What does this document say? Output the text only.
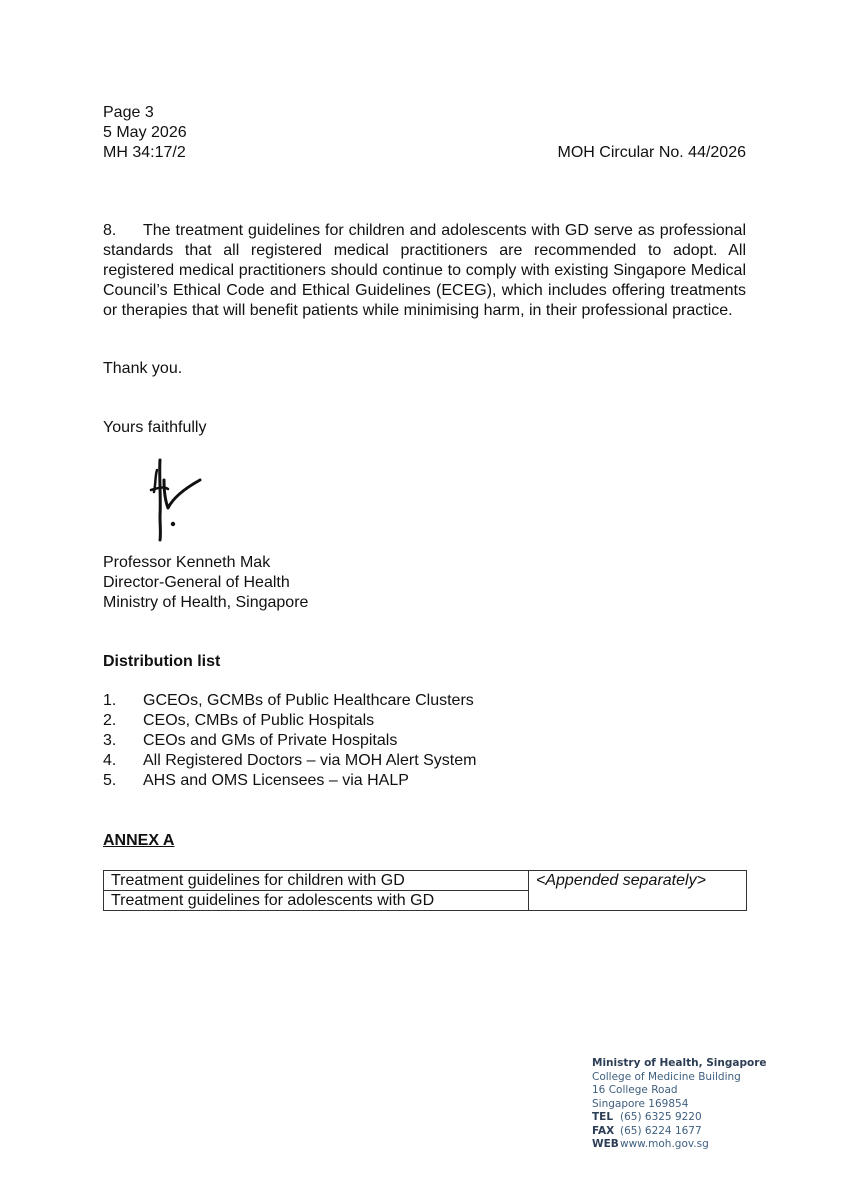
Page 3
5 May 2026
MH 34:17/2	MOH Circular No. 44/2026
8. The treatment guidelines for children and adolescents with GD serve as professional standards that all registered medical practitioners are recommended to adopt. All registered medical practitioners should continue to comply with existing Singapore Medical Council’s Ethical Code and Ethical Guidelines (ECEG), which includes offering treatments or therapies that will benefit patients while minimising harm, in their professional practice.
Thank you.
Yours faithfully
Professor Kenneth Mak
Director-General of Health
Ministry of Health, Singapore
Distribution list
1. GCEOs, GCMBs of Public Healthcare Clusters
2. CEOs, CMBs of Public Hospitals
3. CEOs and GMs of Private Hospitals
4. All Registered Doctors – via MOH Alert System
5. AHS and OMS Licensees – via HALP
ANNEX A
Treatment guidelines for children with GD	<Appended separately>
Treatment guidelines for adolescents with GD
Ministry of Health, Singapore
College of Medicine Building
16 College Road
Singapore 169854
TEL (65) 6325 9220
FAX (65) 6224 1677
WEBwww.moh.gov.sg
